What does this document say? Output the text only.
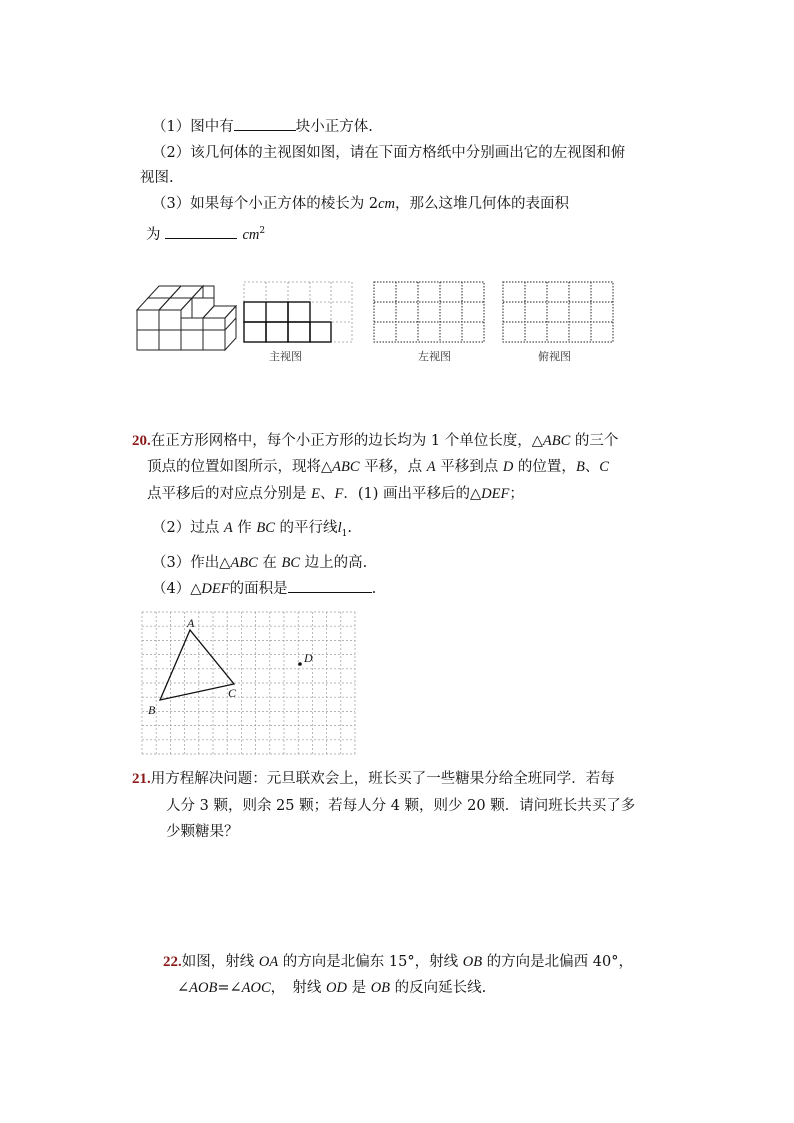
（1）图中有	块小正方体.
（2）该几何体的主视图如图，请在下面方格纸中分别画出它的左视图和俯
视图.
（3）如果每个小正方体的棱长为 2cm，那么这堆几何体的表面积
为	$cm^2$
主视图	左视图	俯视图
20.在正方形网格中，每个小正方形的边长均为 1 个单位长度，△ABC 的三个
顶点的位置如图所示，现将△ABC 平移，点 A 平移到点 D 的位置，B、C
点平移后的对应点分别是 E、F．(1) 画出平移后的△DEF；
（2）过点 A 作 BC 的平行线$l_1$.
（3）作出△ABC 在 BC 边上的高.
（4）△DEF的面积是	.
A
B
C
D
21.用方程解决问题：元旦联欢会上，班长买了一些糖果分给全班同学．若每
人分 3 颗，则余 25 颗；若每人分 4 颗，则少 20 颗．请问班长共买了多
少颗糖果？
22.如图，射线 OA 的方向是北偏东 15°，射线 OB 的方向是北偏西 40°，
∠AOB=∠AOC，　射线 OD 是 OB 的反向延长线.
